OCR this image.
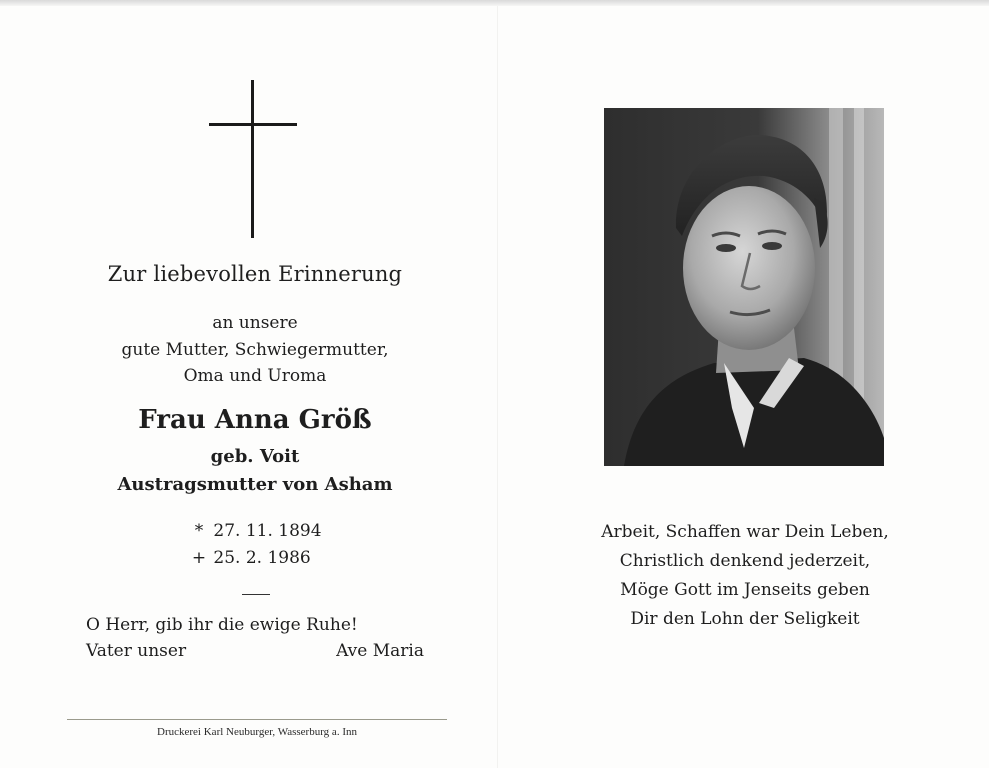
Zur liebevollen Erinnerung
an unsere
gute Mutter, Schwiegermutter,
Oma und Uroma
Frau Anna Größ
geb. Voit
Austragsmutter von Asham
* 27. 11. 1894
+ 25. 2. 1986
O Herr, gib ihr die ewige Ruhe!
Vater unser	Ave Maria
Druckerei Karl Neuburger, Wasserburg a. Inn
Arbeit, Schaffen war Dein Leben,
Christlich denkend jederzeit,
Möge Gott im Jenseits geben
Dir den Lohn der Seligkeit
